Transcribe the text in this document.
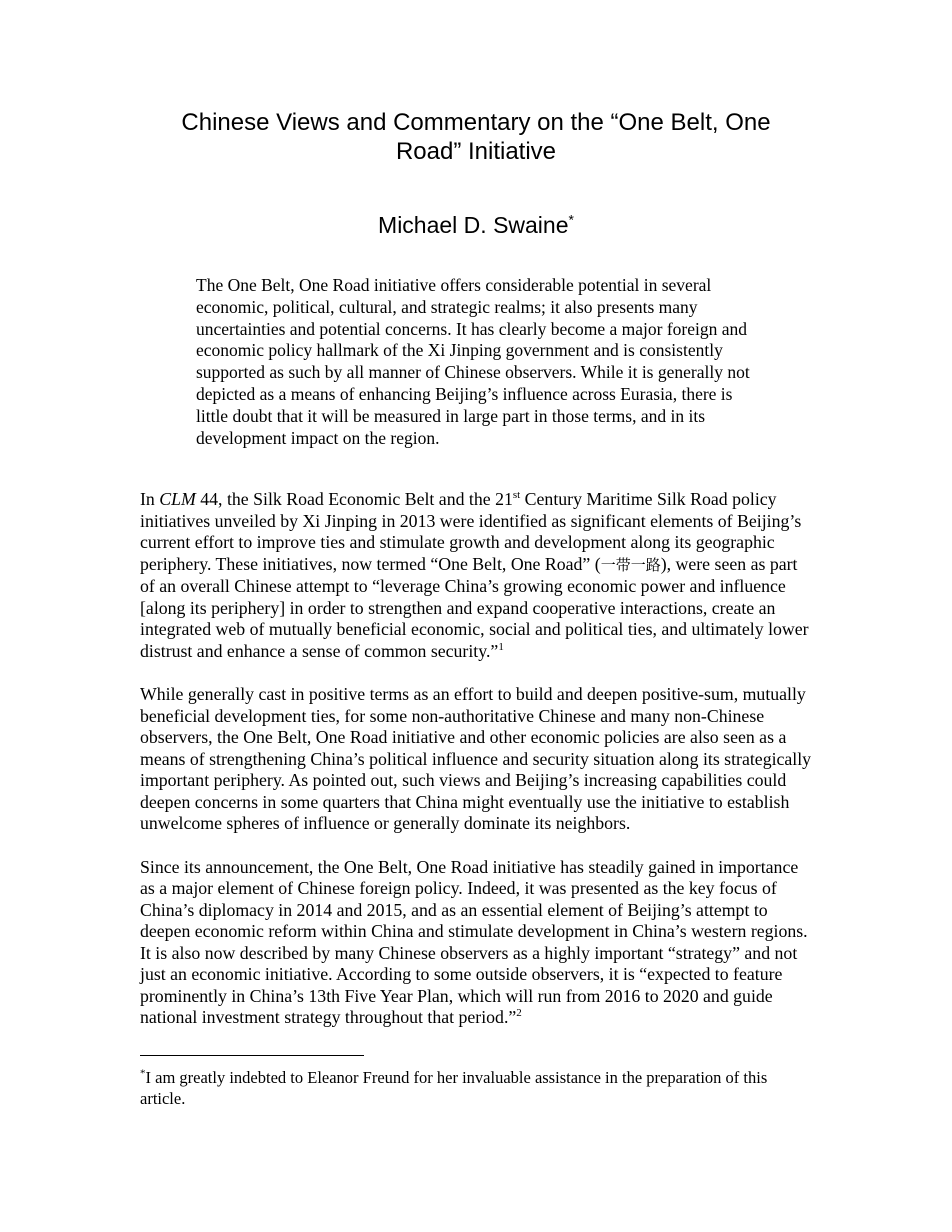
Chinese Views and Commentary on the “One Belt, One Road” Initiative
Michael D. Swaine*
The One Belt, One Road initiative offers considerable potential in several economic, political, cultural, and strategic realms; it also presents many uncertainties and potential concerns. It has clearly become a major foreign and economic policy hallmark of the Xi Jinping government and is consistently supported as such by all manner of Chinese observers. While it is generally not depicted as a means of enhancing Beijing’s influence across Eurasia, there is little doubt that it will be measured in large part in those terms, and in its development impact on the region.

In CLM 44, the Silk Road Economic Belt and the 21st Century Maritime Silk Road policy initiatives unveiled by Xi Jinping in 2013 were identified as significant elements of Beijing’s current effort to improve ties and stimulate growth and development along its geographic periphery. These initiatives, now termed “One Belt, One Road” (一带一路), were seen as part of an overall Chinese attempt to “leverage China’s growing economic power and influence [along its periphery] in order to strengthen and expand cooperative interactions, create an integrated web of mutually beneficial economic, social and political ties, and ultimately lower distrust and enhance a sense of common security.”$^1$

While generally cast in positive terms as an effort to build and deepen positive-sum, mutually beneficial development ties, for some non-authoritative Chinese and many non-Chinese observers, the One Belt, One Road initiative and other economic policies are also seen as a means of strengthening China’s political influence and security situation along its strategically important periphery. As pointed out, such views and Beijing’s increasing capabilities could deepen concerns in some quarters that China might eventually use the initiative to establish unwelcome spheres of influence or generally dominate its neighbors.

Since its announcement, the One Belt, One Road initiative has steadily gained in importance as a major element of Chinese foreign policy. Indeed, it was presented as the key focus of China’s diplomacy in 2014 and 2015, and as an essential element of Beijing’s attempt to deepen economic reform within China and stimulate development in China’s western regions. It is also now described by many Chinese observers as a highly important “strategy” and not just an economic initiative. According to some outside observers, it is “expected to feature prominently in China’s 13th Five Year Plan, which will run from 2016 to 2020 and guide national investment strategy throughout that period.”$^2$

*I am greatly indebted to Eleanor Freund for her invaluable assistance in the preparation of this article.
